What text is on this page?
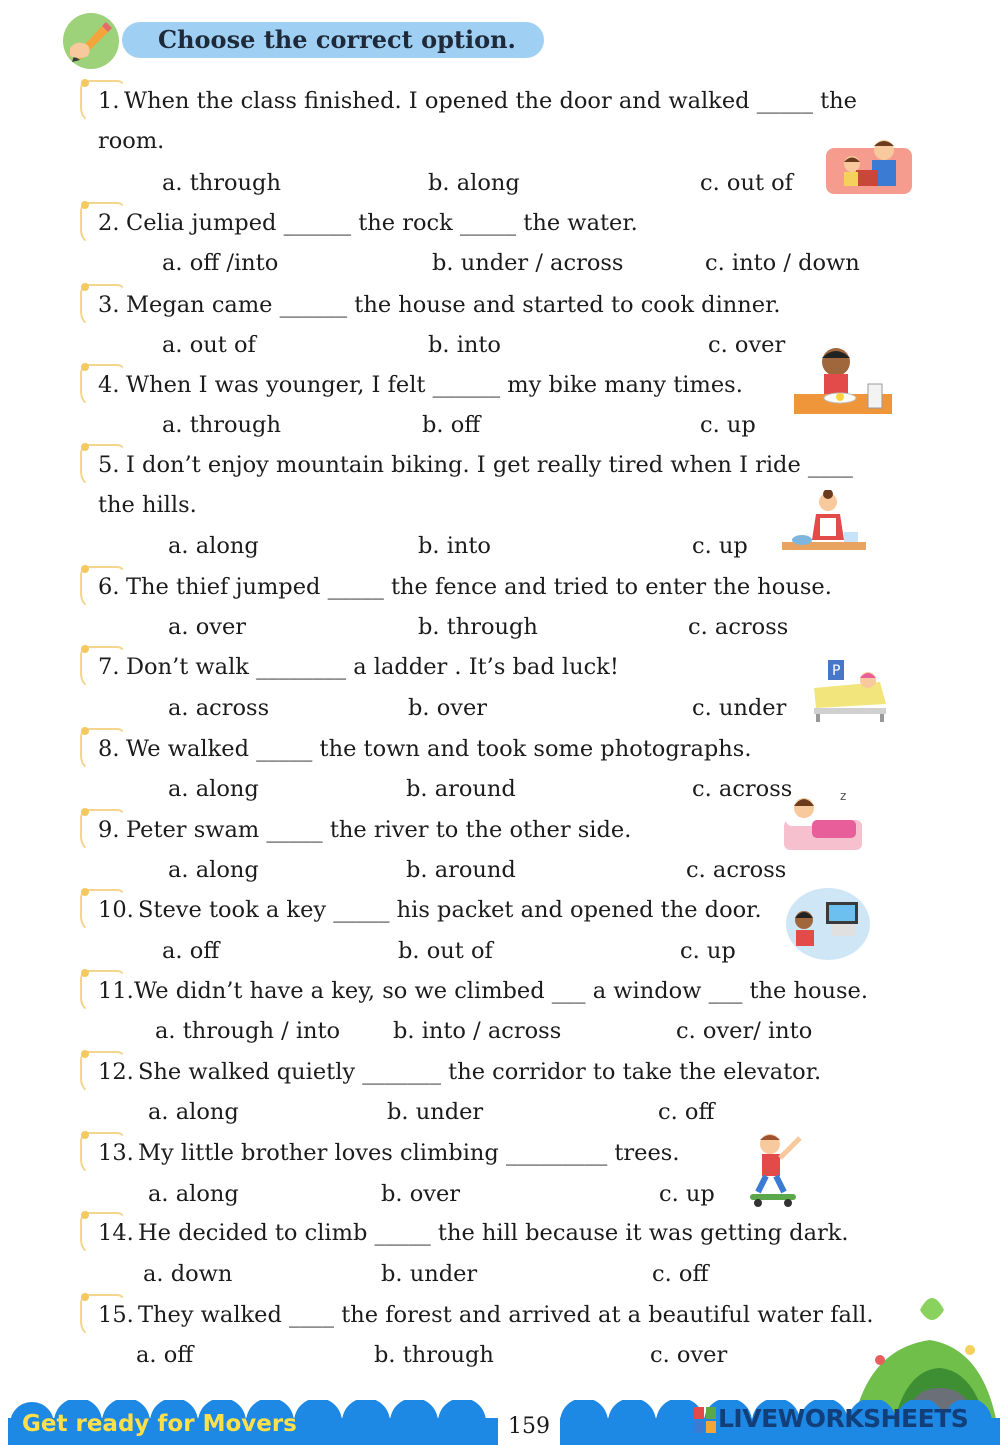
Choose the correct option.
1. When the class finished. I opened the door and walked _____ the
room.
a. through	b. along	c. out of
2. Celia jumped ______ the rock _____ the water.
a. off /into	b. under / across	c. into / down
3. Megan came ______ the house and started to cook dinner.
a. out of	b. into	c. over
4. When I was younger, I felt ______ my bike many times.
a. through	b. off	c. up
5. I don’t enjoy mountain biking. I get really tired when I ride ____
the hills.
a. along	b. into	c. up
6. The thief jumped _____ the fence and tried to enter the house.
a. over	b. through	c. across
7. Don’t walk ________ a ladder . It’s bad luck!
a. across	b. over	c. under
8. We walked _____ the town and took some photographs.
a. along	b. around	c. across
9. Peter swam _____ the river to the other side.
a. along	b. around	c. across
10. Steve took a key _____ his packet and opened the door.
a. off	b. out of	c. up
11. We didn’t have a key, so we climbed ___ a window ___ the house.
a. through / into b. into / across	c. over/ into
12. She walked quietly _______ the corridor to take the elevator.
a. along	b. under	c. off
13. My little brother loves climbing _________ trees.
a. along	b. over	c. up
14. He decided to climb _____ the hill because it was getting dark.
a. down	b. under	c. off
15. They walked ____ the forest and arrived at a beautiful water fall.
a. off	b. through	c. over
P
z
Get ready for Movers	159	LIVEWORKSHEETS
